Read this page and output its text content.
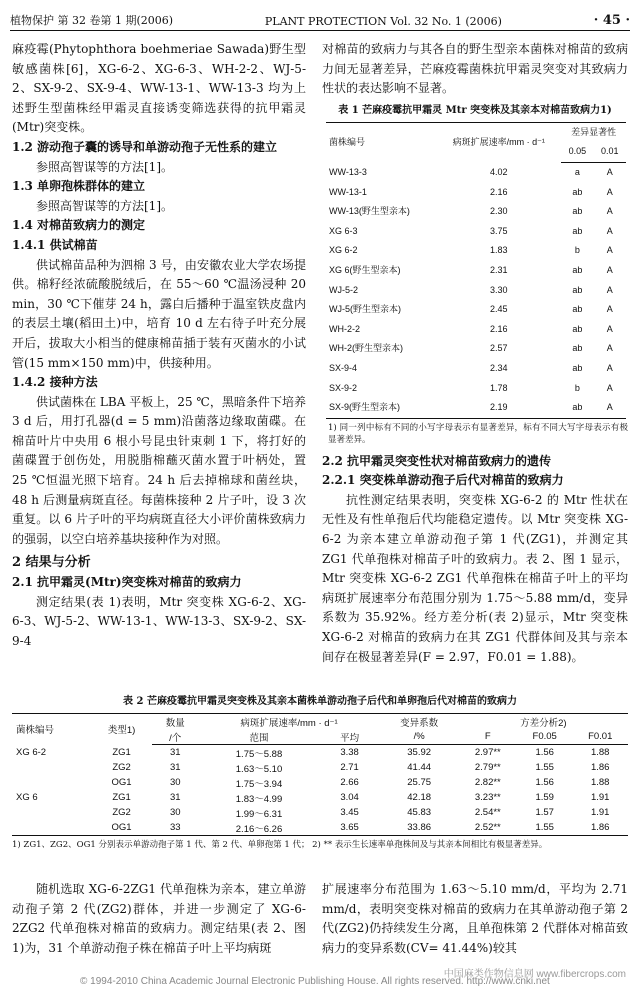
植物保护 第 32 卷第 1 期(2006)	PLANT PROTECTION Vol. 32 No. 1 (2006)	· 45 ·

麻疫霉(Phytophthora boehmeriae Sawada)野生型敏感菌株[6]，XG-6-2、XG-6-3、WH-2-2、WJ-5-2、SX-9-2、SX-9-4、WW-13-1、WW-13-3 均为上述野生型菌株经甲霜灵直接诱变筛选获得的抗甲霜灵(Mtr)突变株。

1.2 游动孢子囊的诱导和单游动孢子无性系的建立

参照高智谋等的方法[1]。

1.3 单卵孢株群体的建立

参照高智谋等的方法[1]。

1.4 对棉苗致病力的测定

1.4.1 供试棉苗

供试棉苗品种为泗棉 3 号，由安徽农业大学农场提供。棉籽经浓硫酸脱绒后，在 55～60 ℃温汤浸种 20 min，30 ℃下催芽 24 h，露白后播种于温室铁皮盘内的表层土壤(稻田土)中，培育 10 d 左右待子叶充分展开后，拔取大小相当的健康棉苗插于装有灭菌水的小试管(15 mm×150 mm)中，供接种用。

1.4.2 接种方法

供试菌株在 LBA 平板上，25 ℃，黑暗条件下培养 3 d 后，用打孔器(d = 5 mm)沿菌落边缘取菌碟。在棉苗叶片中央用 6 根小号昆虫针束刺 1 下，将打好的菌碟置于创伤处，用脱脂棉蘸灭菌水置于叶柄处，置 25 ℃恒温光照下培育。24 h 后去掉棉球和菌丝块，48 h 后测量病斑直径。每菌株接种 2 片子叶，设 3 次重复。以 6 片子叶的平均病斑直径大小评价菌株致病力的强弱，以空白培养基块接种作为对照。

2 结果与分析

2.1 抗甲霜灵(Mtr)突变株对棉苗的致病力

测定结果(表 1)表明，Mtr 突变株 XG-6-2、XG-6-3、WJ-5-2、WW-13-1、WW-13-3、SX-9-2、SX-9-4

对棉苗的致病力与其各自的野生型亲本菌株对棉苗的致病力间无显著差异，芒麻疫霉菌株抗甲霜灵突变对其致病力性状的表达影响不显著。

表 1 芒麻疫霉抗甲霜灵 Mtr 突变株及其亲本对棉苗致病力1)
菌株编号	病斑扩展速率/mm · d⁻¹	差异显著性	
		0.05	0.01
WW-13-3	4.02	a	A
WW-13-1	2.16	ab	A
WW-13(野生型亲本)	2.30	ab	A
XG 6-3	3.75	ab	A
XG 6-2	1.83	b	A
XG 6(野生型亲本)	2.31	ab	A
WJ-5-2	3.30	ab	A
WJ-5(野生型亲本)	2.45	ab	A
WH-2-2	2.16	ab	A
WH-2(野生型亲本)	2.57	ab	A
SX-9-4	2.34	ab	A
SX-9-2	1.78	b	A
SX-9(野生型亲本)	2.19	ab	A
1) 同一列中标有不同的小写字母表示有显著差异，标有不同大写字母表示有极显著差异。

2.2 抗甲霜灵突变性状对棉苗致病力的遗传

2.2.1 突变株单游动孢子后代对棉苗的致病力

抗性测定结果表明，突变株 XG-6-2 的 Mtr 性状在无性及有性单孢后代均能稳定遗传。以 Mtr 突变株 XG-6-2 为亲本建立单游动孢子第 1 代(ZG1)，并测定其 ZG1 代单孢株对棉苗子叶的致病力。表 2、图 1 显示，Mtr 突变株 XG-6-2 ZG1 代单孢株在棉苗子叶上的平均病斑扩展速率分布范围分别为 1.75～5.88 mm/d，变异系数为 35.92%。经方差分析(表 2)显示，Mtr 突变株 XG-6-2 对棉苗的致病力在其 ZG1 代群体间及其与亲本间存在极显著差异(F = 2.97，F0.01 = 1.88)。

表 2 芒麻疫霉抗甲霜灵突变株及其亲本菌株单游动孢子后代和单卵孢后代对棉苗的致病力
菌株编号	类型1)	数量	病斑扩展速率/mm · d⁻¹		变异系数	方差分析2)		
		/个	范围	平均	/%	F	F0.05	F0.01
XG 6-2	ZG1	31	1.75～5.88	3.38	35.92	2.97**	1.56	1.88
	ZG2	31	1.63～5.10	2.71	41.44	2.79**	1.55	1.86
	OG1	30	1.75～3.94	2.66	25.75	2.82**	1.56	1.88
XG 6	ZG1	31	1.83～4.99	3.04	42.18	3.23**	1.59	1.91
	ZG2	30	1.99～6.31	3.45	45.83	2.54**	1.57	1.91
	OG1	33	2.16～6.26	3.65	33.86	2.52**	1.55	1.86
1) ZG1、ZG2、OG1 分别表示单游动孢子第 1 代、第 2 代、单卵孢第 1 代； 2) ** 表示生长速率单孢株间及与其亲本间相比有极显著差异。

随机选取 XG-6-2ZG1 代单孢株为亲本，建立单游动孢子第 2 代(ZG2)群体，并进一步测定了 XG-6-2ZG2 代单孢株对棉苗的致病力。测定结果(表 2、图 1)为，31 个单游动孢子株在棉苗子叶上平均病斑

扩展速率分布范围为 1.63～5.10 mm/d，平均为 2.71 mm/d，表明突变株对棉苗的致病力在其单游动孢子第 2 代(ZG2)仍持续发生分离，且单孢株第 2 代群体对棉苗致病力的变异系数(CV= 41.44%)较其

© 1994-2010 China Academic Journal Electronic Publishing House. All rights reserved. http://www.cnki.net
中国麻类作物信息网 www.fibercrops.com
